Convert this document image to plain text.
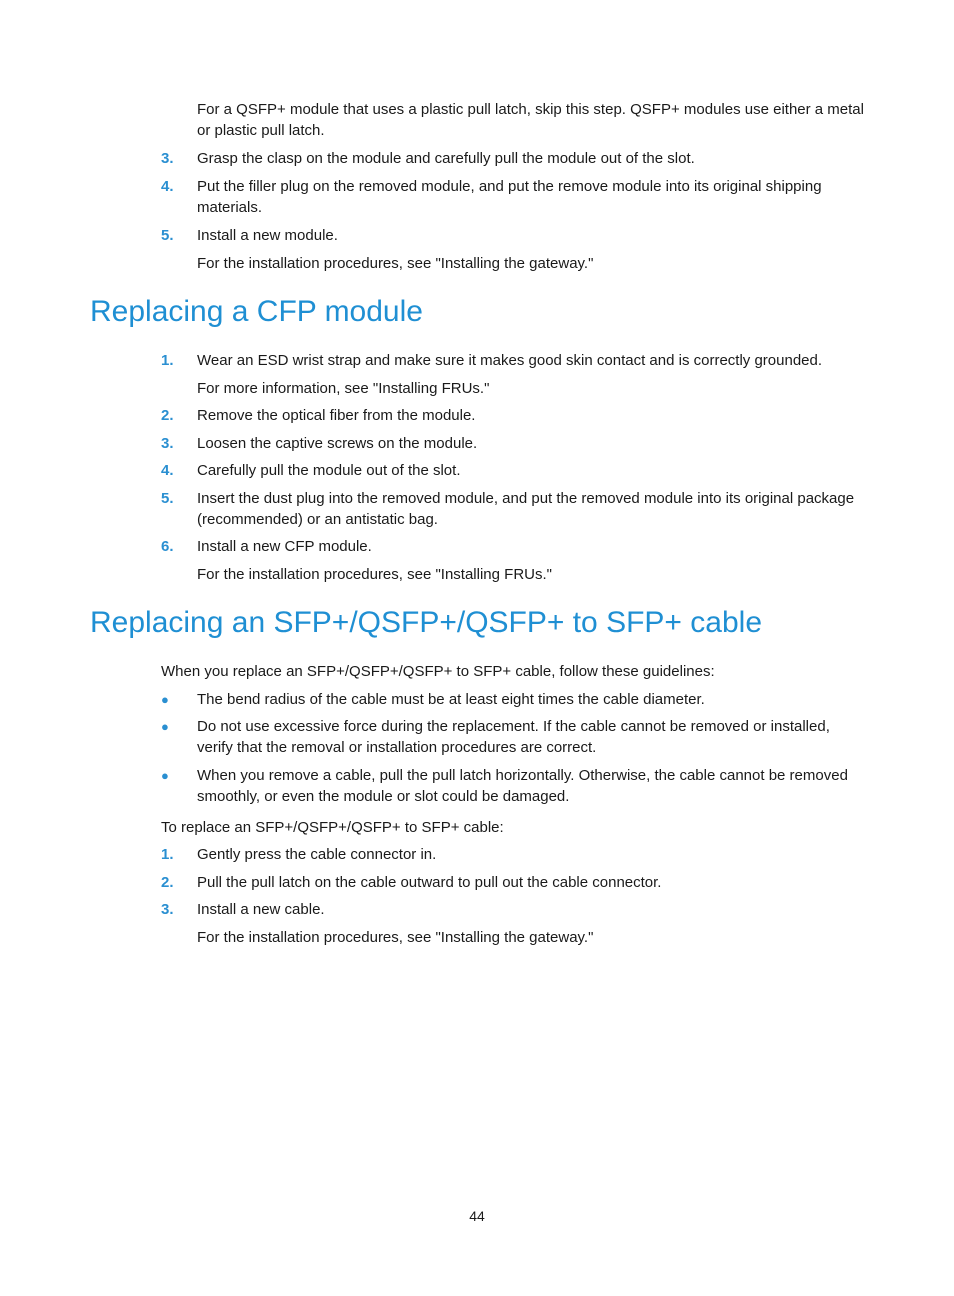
For a QSFP+ module that uses a plastic pull latch, skip this step. QSFP+ modules use either a metal or plastic pull latch.

3.	Grasp the clasp on the module and carefully pull the module out of the slot.
4.	Put the filler plug on the removed module, and put the remove module into its original shipping materials.
5.	Install a new module.

For the installation procedures, see "Installing the gateway."

Replacing a CFP module
1.	Wear an ESD wrist strap and make sure it makes good skin contact and is correctly grounded.

For more information, see "Installing FRUs."

2.	Remove the optical fiber from the module.
3.	Loosen the captive screws on the module.
4.	Carefully pull the module out of the slot.
5.	Insert the dust plug into the removed module, and put the removed module into its original package (recommended) or an antistatic bag.
6.	Install a new CFP module.

For the installation procedures, see "Installing FRUs."

Replacing an SFP+/QSFP+/QSFP+ to SFP+ cable

When you replace an SFP+/QSFP+/QSFP+ to SFP+ cable, follow these guidelines:

●	The bend radius of the cable must be at least eight times the cable diameter.
●	Do not use excessive force during the replacement. If the cable cannot be removed or installed, verify that the removal or installation procedures are correct.
●	When you remove a cable, pull the pull latch horizontally. Otherwise, the cable cannot be removed smoothly, or even the module or slot could be damaged.

To replace an SFP+/QSFP+/QSFP+ to SFP+ cable:

1.	Gently press the cable connector in.
2.	Pull the pull latch on the cable outward to pull out the cable connector.
3.	Install a new cable.

For the installation procedures, see "Installing the gateway."

44
